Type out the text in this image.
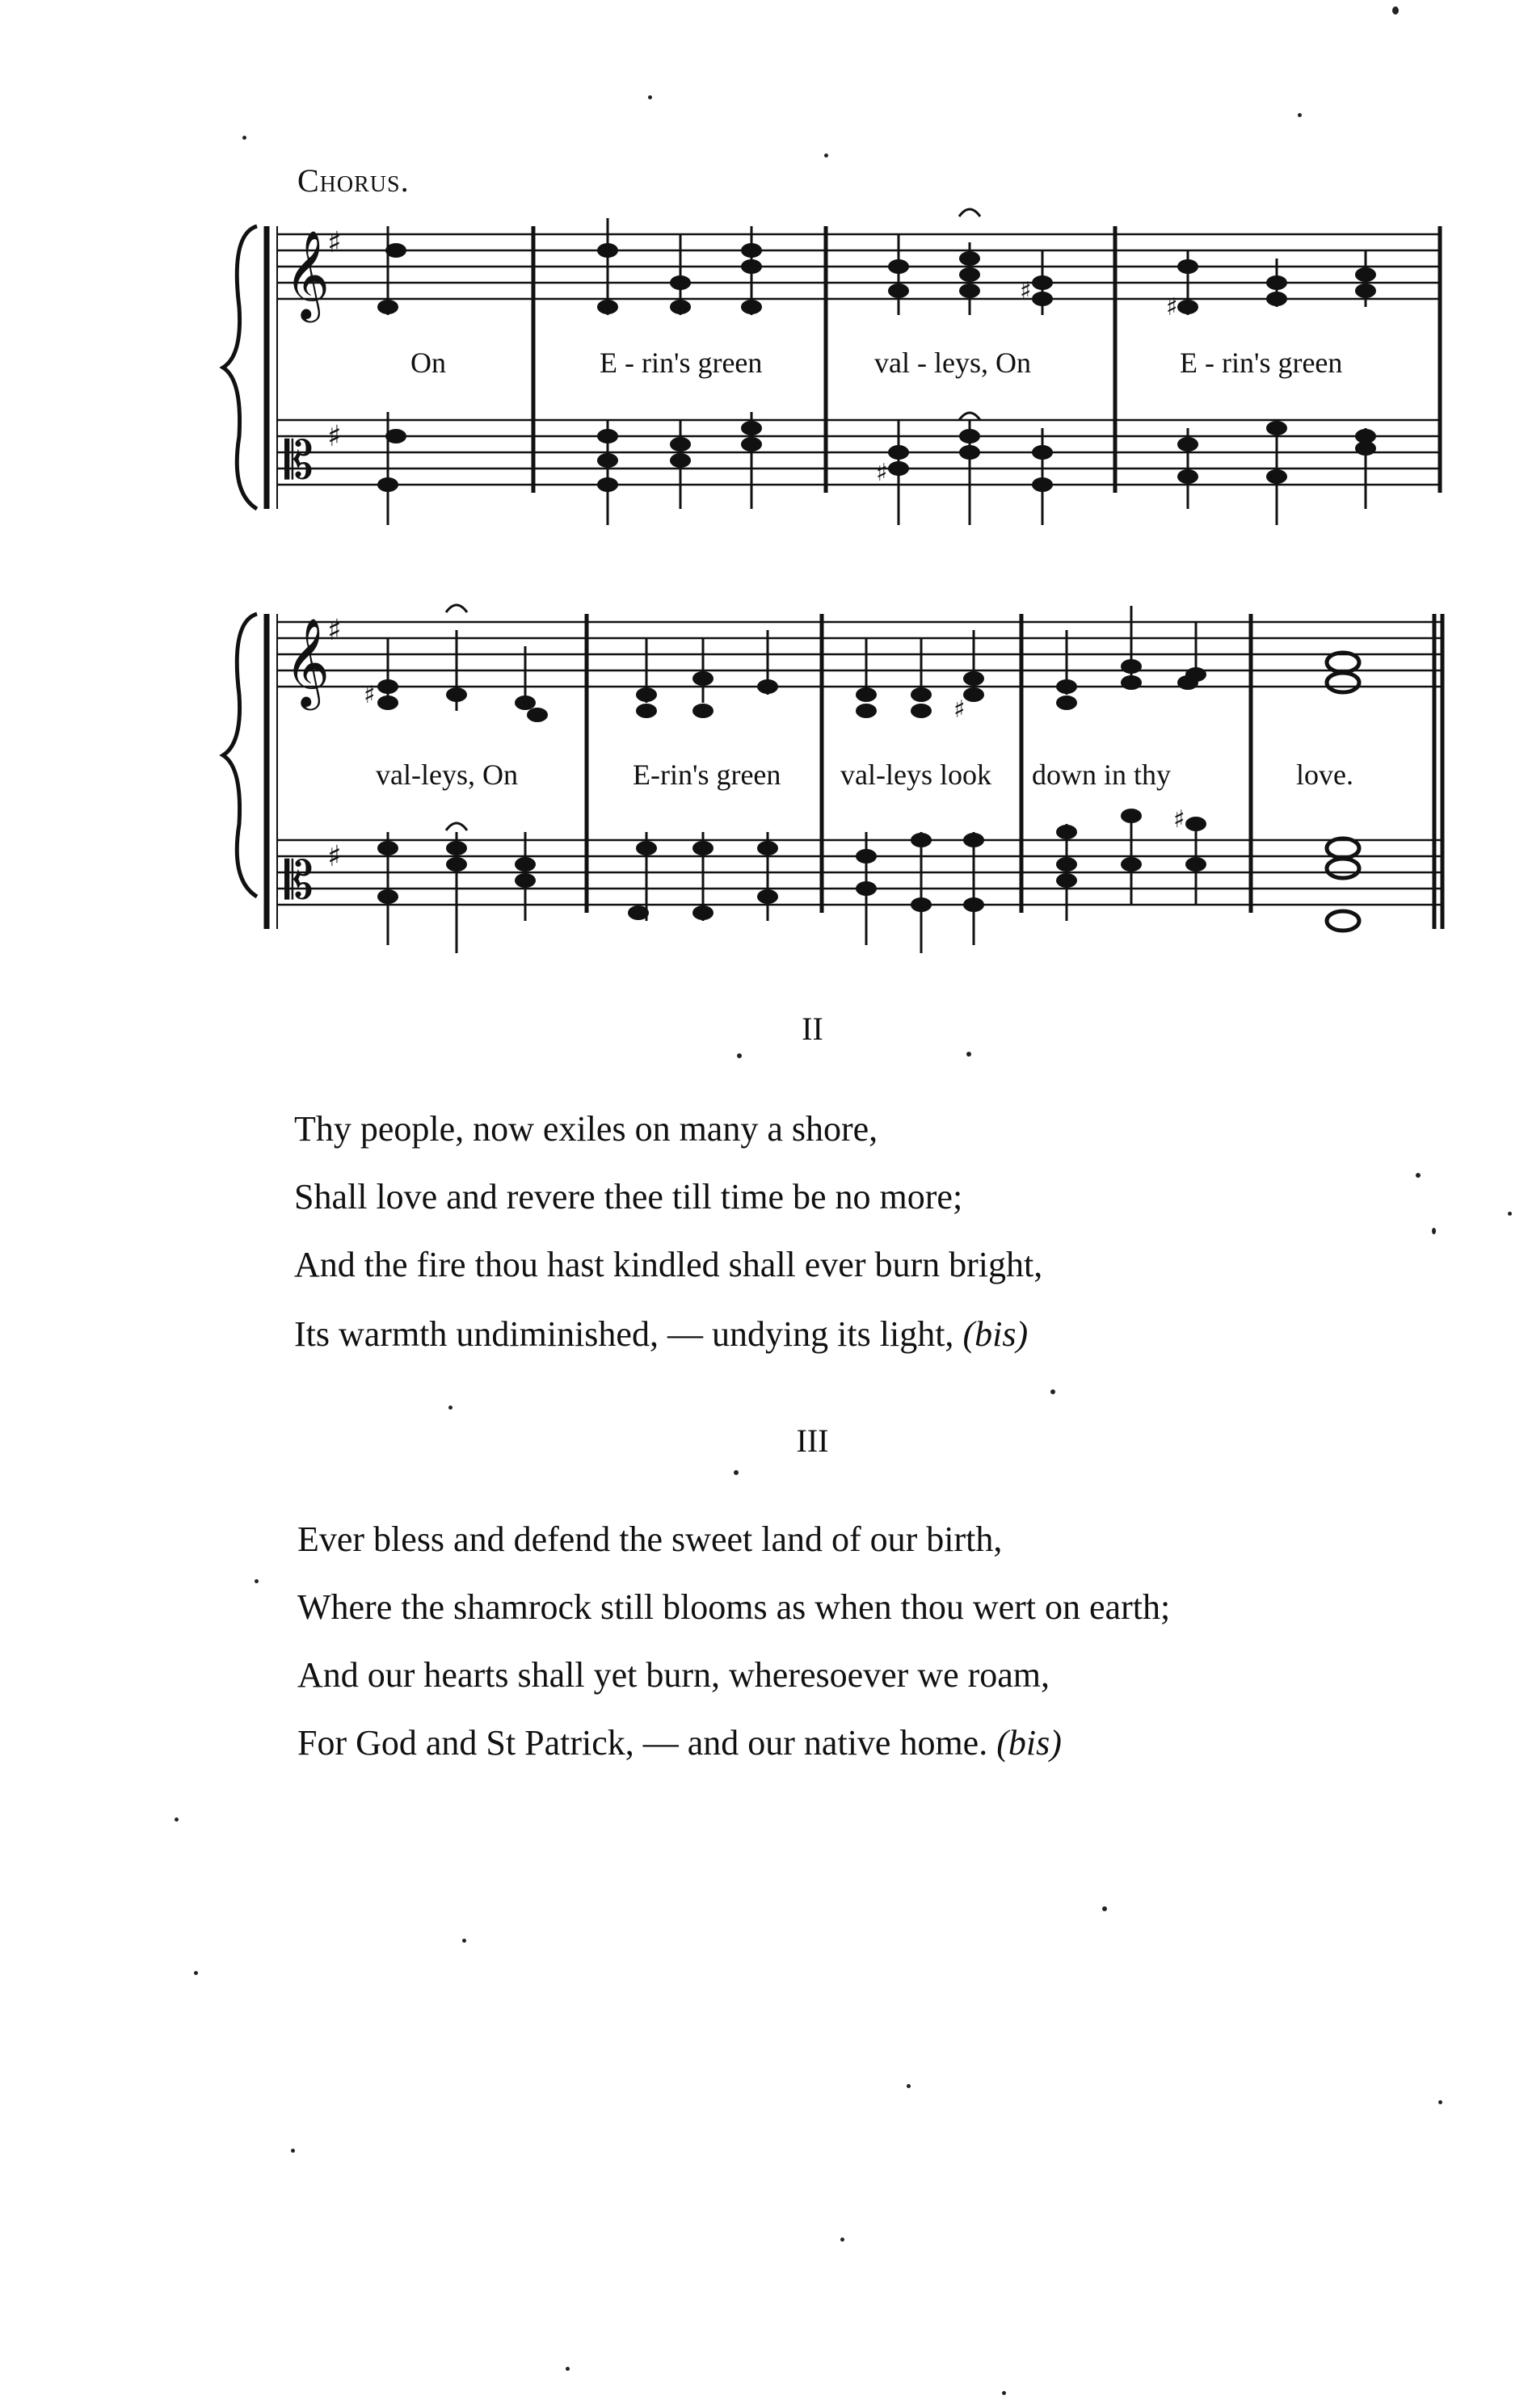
Chorus.
𝄞
♯
𝄡 ♯
♯
♯
♯
On	E - rin's green	val - leys, On	E - rin's green
𝄞
♯
𝄡 ♯
♯
♯
♯
val-leys, On	E-rin's green val-leys look down in thy	love.
II
Thy people, now exiles on many a shore,
Shall love and revere thee till time be no more;
And the fire thou hast kindled shall ever burn bright,
Its warmth undiminished, — undying its light, (bis)
III
Ever bless and defend the sweet land of our birth,
Where the shamrock still blooms as when thou wert on earth;
And our hearts shall yet burn, wheresoever we roam,
For God and St Patrick, — and our native home. (bis)
